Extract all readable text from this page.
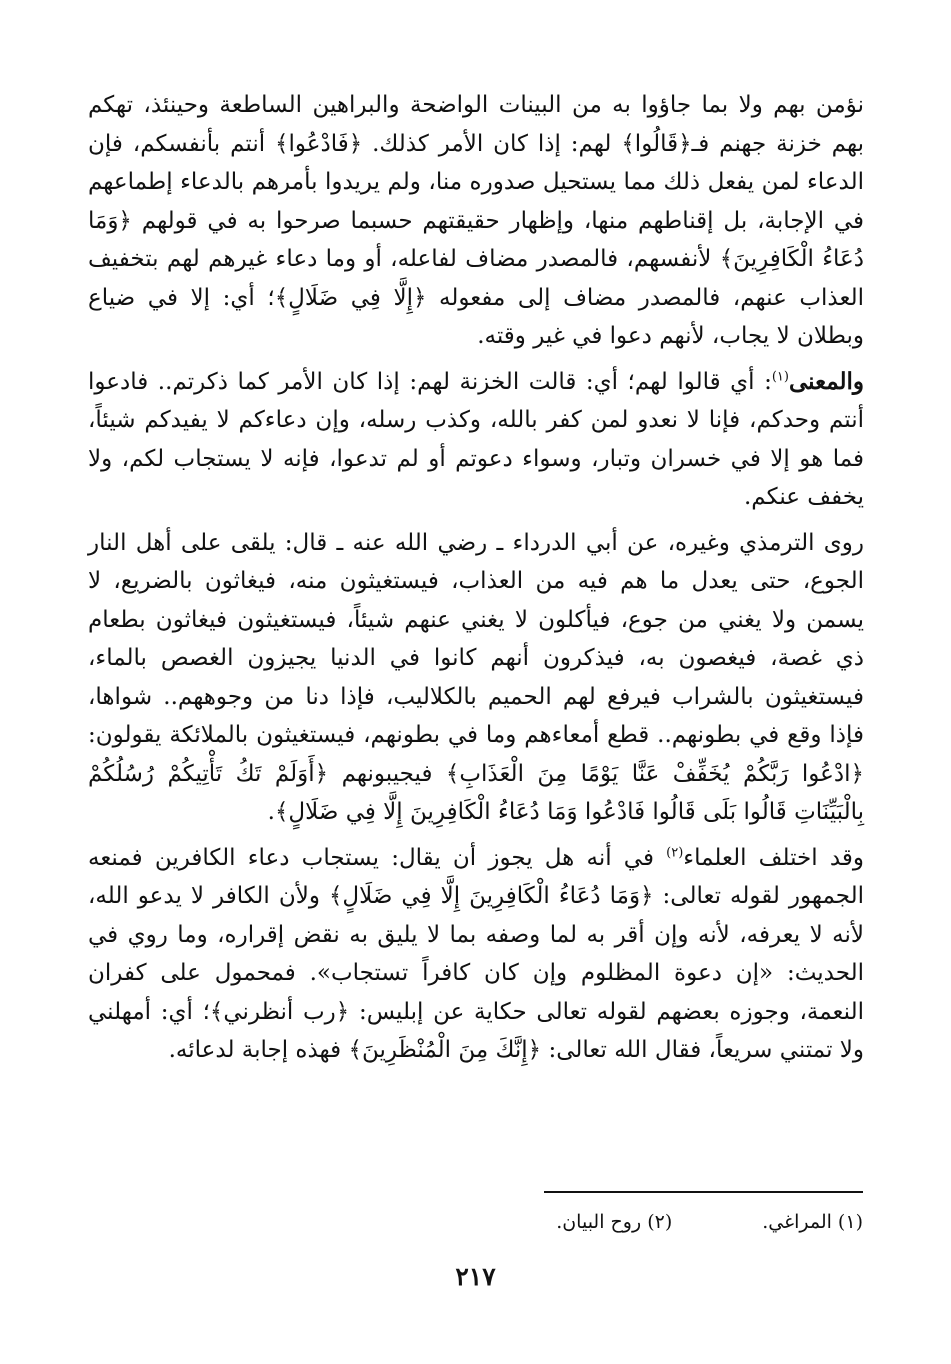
نؤمن بهم ولا بما جاؤوا به من البينات الواضحة والبراهين الساطعة وحينئذ، تهكم بهم خزنة جهنم فـ﴿قَالُوا﴾ لهم: إذا كان الأمر كذلك. ﴿فَادْعُوا﴾ أنتم بأنفسكم، فإن الدعاء لمن يفعل ذلك مما يستحيل صدوره منا، ولم يريدوا بأمرهم بالدعاء إطماعهم في الإجابة، بل إقناطهم منها، وإظهار حقيقتهم حسبما صرحوا به في قولهم ﴿وَمَا دُعَاءُ الْكَافِرِينَ﴾ لأنفسهم، فالمصدر مضاف لفاعله، أو وما دعاء غيرهم لهم بتخفيف العذاب عنهم، فالمصدر مضاف إلى مفعوله ﴿إِلَّا فِي ضَلَالٍ﴾؛ أي: إلا في ضياع وبطلان لا يجاب، لأنهم دعوا في غير وقته.

والمعنى$^{(١)}$: أي قالوا لهم؛ أي: قالت الخزنة لهم: إذا كان الأمر كما ذكرتم.. فادعوا أنتم وحدكم، فإنا لا نعدو لمن كفر بالله، وكذب رسله، وإن دعاءكم لا يفيدكم شيئاً، فما هو إلا في خسران وتبار، وسواء دعوتم أو لم تدعوا، فإنه لا يستجاب لكم، ولا يخفف عنكم.

روى الترمذي وغيره، عن أبي الدرداء ـ رضي الله عنه ـ قال: يلقى على أهل النار الجوع، حتى يعدل ما هم فيه من العذاب، فيستغيثون منه، فيغاثون بالضريع، لا يسمن ولا يغني من جوع، فيأكلون لا يغني عنهم شيئاً، فيستغيثون فيغاثون بطعام ذي غصة، فيغصون به، فيذكرون أنهم كانوا في الدنيا يجيزون الغصص بالماء، فيستغيثون بالشراب فيرفع لهم الحميم بالكلاليب، فإذا دنا من وجوههم.. شواها، فإذا وقع في بطونهم.. قطع أمعاءهم وما في بطونهم، فيستغيثون بالملائكة يقولون: ﴿ادْعُوا رَبَّكُمْ يُخَفِّفْ عَنَّا يَوْمًا مِنَ الْعَذَابِ﴾ فيجيبونهم ﴿أَوَلَمْ تَكُ تَأْتِيكُمْ رُسُلُكُمْ بِالْبَيِّنَاتِ قَالُوا بَلَى قَالُوا فَادْعُوا وَمَا دُعَاءُ الْكَافِرِينَ إِلَّا فِي ضَلَالٍ﴾.

وقد اختلف العلماء$^{(٢)}$ في أنه هل يجوز أن يقال: يستجاب دعاء الكافرين فمنعه الجمهور لقوله تعالى: ﴿وَمَا دُعَاءُ الْكَافِرِينَ إِلَّا فِي ضَلَالٍ﴾ ولأن الكافر لا يدعو الله، لأنه لا يعرفه، لأنه وإن أقر به لما وصفه بما لا يليق به نقض إقراره، وما روي في الحديث: «إن دعوة المظلوم وإن كان كافراً تستجاب». فمحمول على كفران النعمة، وجوزه بعضهم لقوله تعالى حكاية عن إبليس: ﴿رب أنظرني﴾؛ أي: أمهلني ولا تمتني سريعاً، فقال الله تعالى: ﴿إِنَّكَ مِنَ الْمُنْظَرِينَ﴾ فهذه إجابة لدعائه.

(١) المراغي.
(٢) روح البيان.
٢١٧
